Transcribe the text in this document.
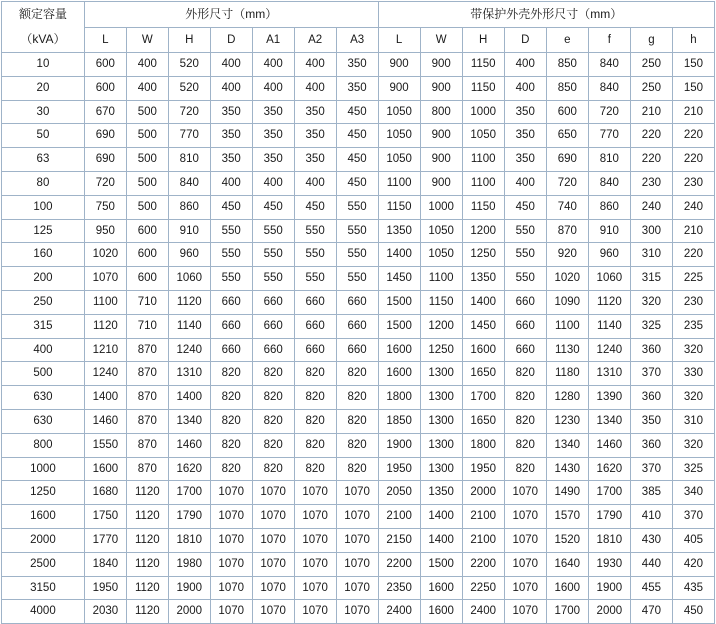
额定容量
（kVA）	外形尺寸（mm）							带保护外壳外形尺寸（mm）							
	L	W	H	D	A1	A2	A3	L	W	H	D	e	f	g	h
10	600	400	520	400	400	400	350	900	900	1150	400	850	840	250	150
20	600	400	520	400	400	400	350	900	900	1150	400	850	840	250	150
30	670	500	720	350	350	350	450	1050	800	1000	350	600	720	210	210
50	690	500	770	350	350	350	450	1050	900	1050	350	650	770	220	220
63	690	500	810	350	350	350	450	1050	900	1100	350	690	810	220	220
80	720	500	840	400	400	400	450	1100	900	1100	400	720	840	230	230
100	750	500	860	450	450	450	550	1150	1000	1150	450	740	860	240	240
125	950	600	910	550	550	550	550	1350	1050	1200	550	870	910	300	210
160	1020	600	960	550	550	550	550	1400	1050	1250	550	920	960	310	220
200	1070	600	1060	550	550	550	550	1450	1100	1350	550	1020	1060	315	225
250	1100	710	1120	660	660	660	660	1500	1150	1400	660	1090	1120	320	230
315	1120	710	1140	660	660	660	660	1500	1200	1450	660	1100	1140	325	235
400	1210	870	1240	660	660	660	660	1600	1250	1600	660	1130	1240	360	320
500	1240	870	1310	820	820	820	820	1600	1300	1650	820	1180	1310	370	330
630	1400	870	1400	820	820	820	820	1800	1300	1700	820	1280	1390	360	320
630	1460	870	1340	820	820	820	820	1850	1300	1650	820	1230	1340	350	310
800	1550	870	1460	820	820	820	820	1900	1300	1800	820	1340	1460	360	320
1000	1600	870	1620	820	820	820	820	1950	1300	1950	820	1430	1620	370	325
1250	1680	1120	1700	1070	1070	1070	1070	2050	1350	2000	1070	1490	1700	385	340
1600	1750	1120	1790	1070	1070	1070	1070	2100	1400	2100	1070	1570	1790	410	370
2000	1770	1120	1810	1070	1070	1070	1070	2150	1400	2100	1070	1520	1810	430	405
2500	1840	1120	1980	1070	1070	1070	1070	2200	1500	2200	1070	1640	1930	440	420
3150	1950	1120	1900	1070	1070	1070	1070	2350	1600	2250	1070	1600	1900	455	435
4000	2030	1120	2000	1070	1070	1070	1070	2400	1600	2400	1070	1700	2000	470	450
